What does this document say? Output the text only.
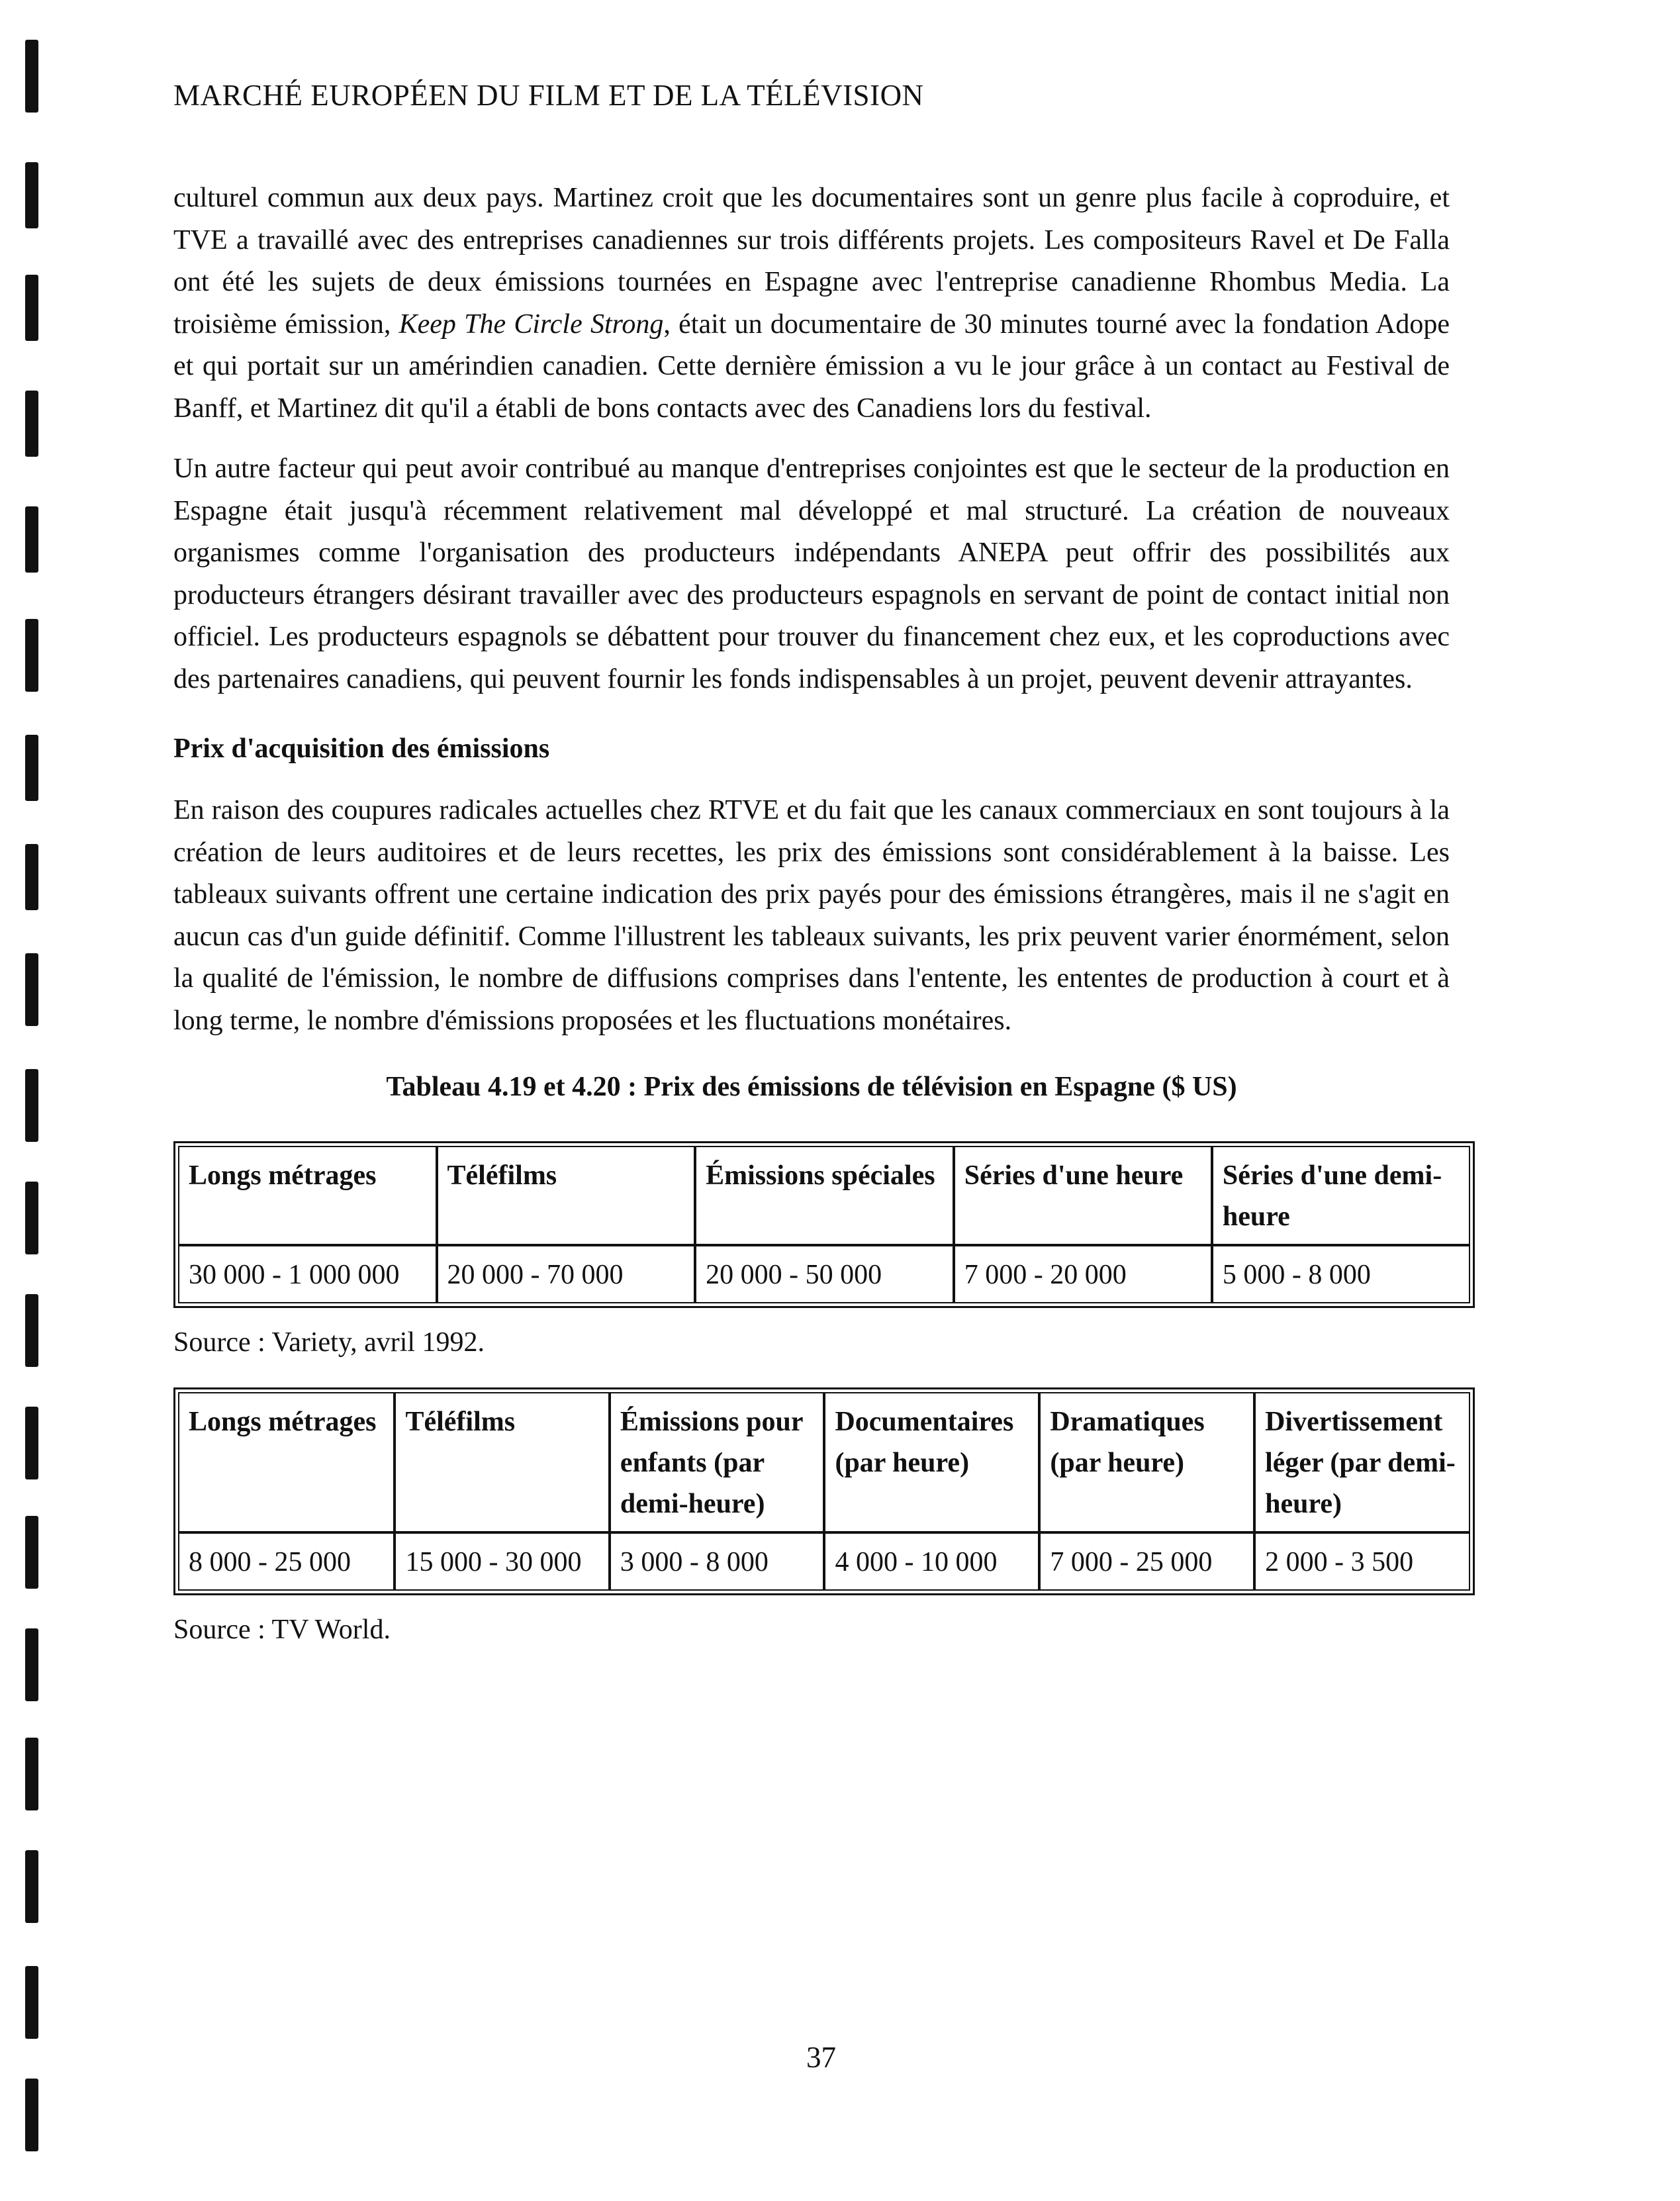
MARCHÉ EUROPÉEN DU FILM ET DE LA TÉLÉVISION

culturel commun aux deux pays. Martinez croit que les documentaires sont un genre plus facile à coproduire, et TVE a travaillé avec des entreprises canadiennes sur trois différents projets. Les compositeurs Ravel et De Falla ont été les sujets de deux émissions tournées en Espagne avec l'entreprise canadienne Rhombus Media. La troisième émission, Keep The Circle Strong, était un documentaire de 30 minutes tourné avec la fondation Adope et qui portait sur un amérindien canadien. Cette dernière émission a vu le jour grâce à un contact au Festival de Banff, et Martinez dit qu'il a établi de bons contacts avec des Canadiens lors du festival.

Un autre facteur qui peut avoir contribué au manque d'entreprises conjointes est que le secteur de la production en Espagne était jusqu'à récemment relativement mal développé et mal structuré. La création de nouveaux organismes comme l'organisation des producteurs indépendants ANEPA peut offrir des possibilités aux producteurs étrangers désirant travailler avec des producteurs espagnols en servant de point de contact initial non officiel. Les producteurs espagnols se débattent pour trouver du financement chez eux, et les coproductions avec des partenaires canadiens, qui peuvent fournir les fonds indispensables à un projet, peuvent devenir attrayantes.

Prix d'acquisition des émissions

En raison des coupures radicales actuelles chez RTVE et du fait que les canaux commerciaux en sont toujours à la création de leurs auditoires et de leurs recettes, les prix des émissions sont considérablement à la baisse. Les tableaux suivants offrent une certaine indication des prix payés pour des émissions étrangères, mais il ne s'agit en aucun cas d'un guide définitif. Comme l'illustrent les tableaux suivants, les prix peuvent varier énormément, selon la qualité de l'émission, le nombre de diffusions comprises dans l'entente, les ententes de production à court et à long terme, le nombre d'émissions proposées et les fluctuations monétaires.

Tableau 4.19 et 4.20 : Prix des émissions de télévision en Espagne ($ US)
Longs métrages	Téléfilms	Émissions spéciales	Séries d'une heure	Séries d'une demi-heure
30 000 - 1 000 000	20 000 - 70 000	20 000 - 50 000	7 000 - 20 000	5 000 - 8 000
Source : Variety, avril 1992.
Longs métrages	Téléfilms	Émissions pour enfants (par demi-heure)	Documentaires (par heure)	Dramatiques (par heure)	Divertissement léger (par demi-heure)
8 000 - 25 000	15 000 - 30 000	3 000 - 8 000	4 000 - 10 000	7 000 - 25 000	2 000 - 3 500
Source : TV World.
37
